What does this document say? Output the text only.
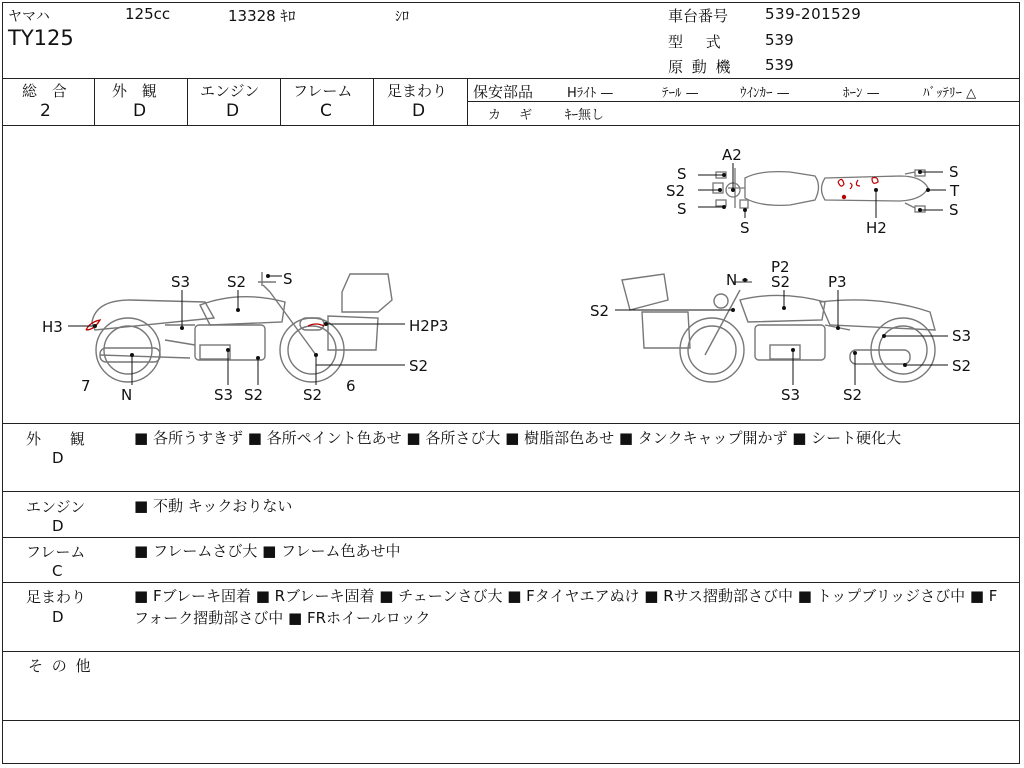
ヤマハ	125cc	13328 ｷﾛ	ｼﾛ
TY125
車台番号 539-201529
型 式	539
原 動 機 539
総 合
2
外 観
D
エンジン
D
フレーム
C
足まわり
D
保安部品	Hﾗｲﾄ —	ﾃｰﾙ —	ｳｲﾝｶｰ —	ﾎｰﾝ —	ﾊﾞｯﾃﾘｰ △
カ ギ	ｷｰ無し
A2
S
S2
S
S
S
T
S
H2
S3 S2 S
H3	H2P3
S2
7	6
N	S3 S2	S2
N
P2
S2	P3
S2
S3
S2
S3	S2
外 観
D
■ 各所うすきず ■ 各所ペイント色あせ ■ 各所さび大 ■ 樹脂部色あせ ■ タンクキャップ開かず ■ シート硬化大
エンジン
D
■ 不動 キックおりない
フレーム
C
■ フレームさび大 ■ フレーム色あせ中
足まわり
D
■ Fブレーキ固着 ■ Rブレーキ固着 ■ チェーンさび大 ■ Fタイヤエアぬけ ■ Rサス摺動部さび中 ■ トップブリッジさび中 ■ Fフォーク摺動部さび中 ■ FRホイールロック
そ の 他
